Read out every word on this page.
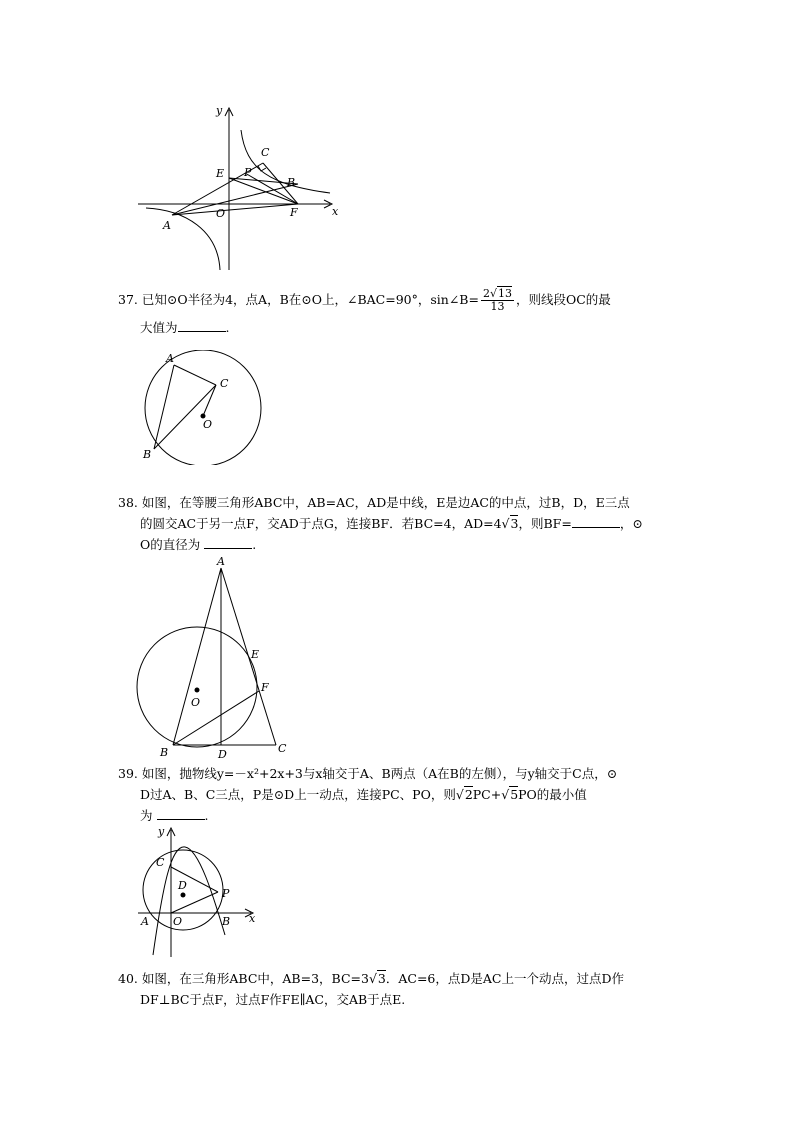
y
x
C
E P
B
O	F
A
37. 已知⊙O半径为4，点A，B在⊙O上，∠BAC=90°，sin∠B= $\frac{2√13}{13}$ ，则线段OC的最
大值为	.
A
C
O
B
38. 如图，在等腰三角形ABC中，AB=AC，AD是中线，E是边AC的中点，过B，D，E三点
的圆交AC于另一点F，交AD于点G，连接BF．若BC=4，AD=4√3，则BF=	，⊙
O的直径为	.
A
E
F
O
B	D	C
39. 如图，抛物线y=－x²+2x+3与x轴交于A、B两点（A在B的左侧），与y轴交于C点，⊙
D过A、B、C三点，P是⊙D上一动点，连接PC、PO，则√2PC+√5PO的最小值
为	.
y
C
D
P
A O	B x
40. 如图，在三角形ABC中，AB=3，BC=3√3．AC=6，点D是AC上一个动点，过点D作
DF⊥BC于点F，过点F作FE∥AC，交AB于点E.
